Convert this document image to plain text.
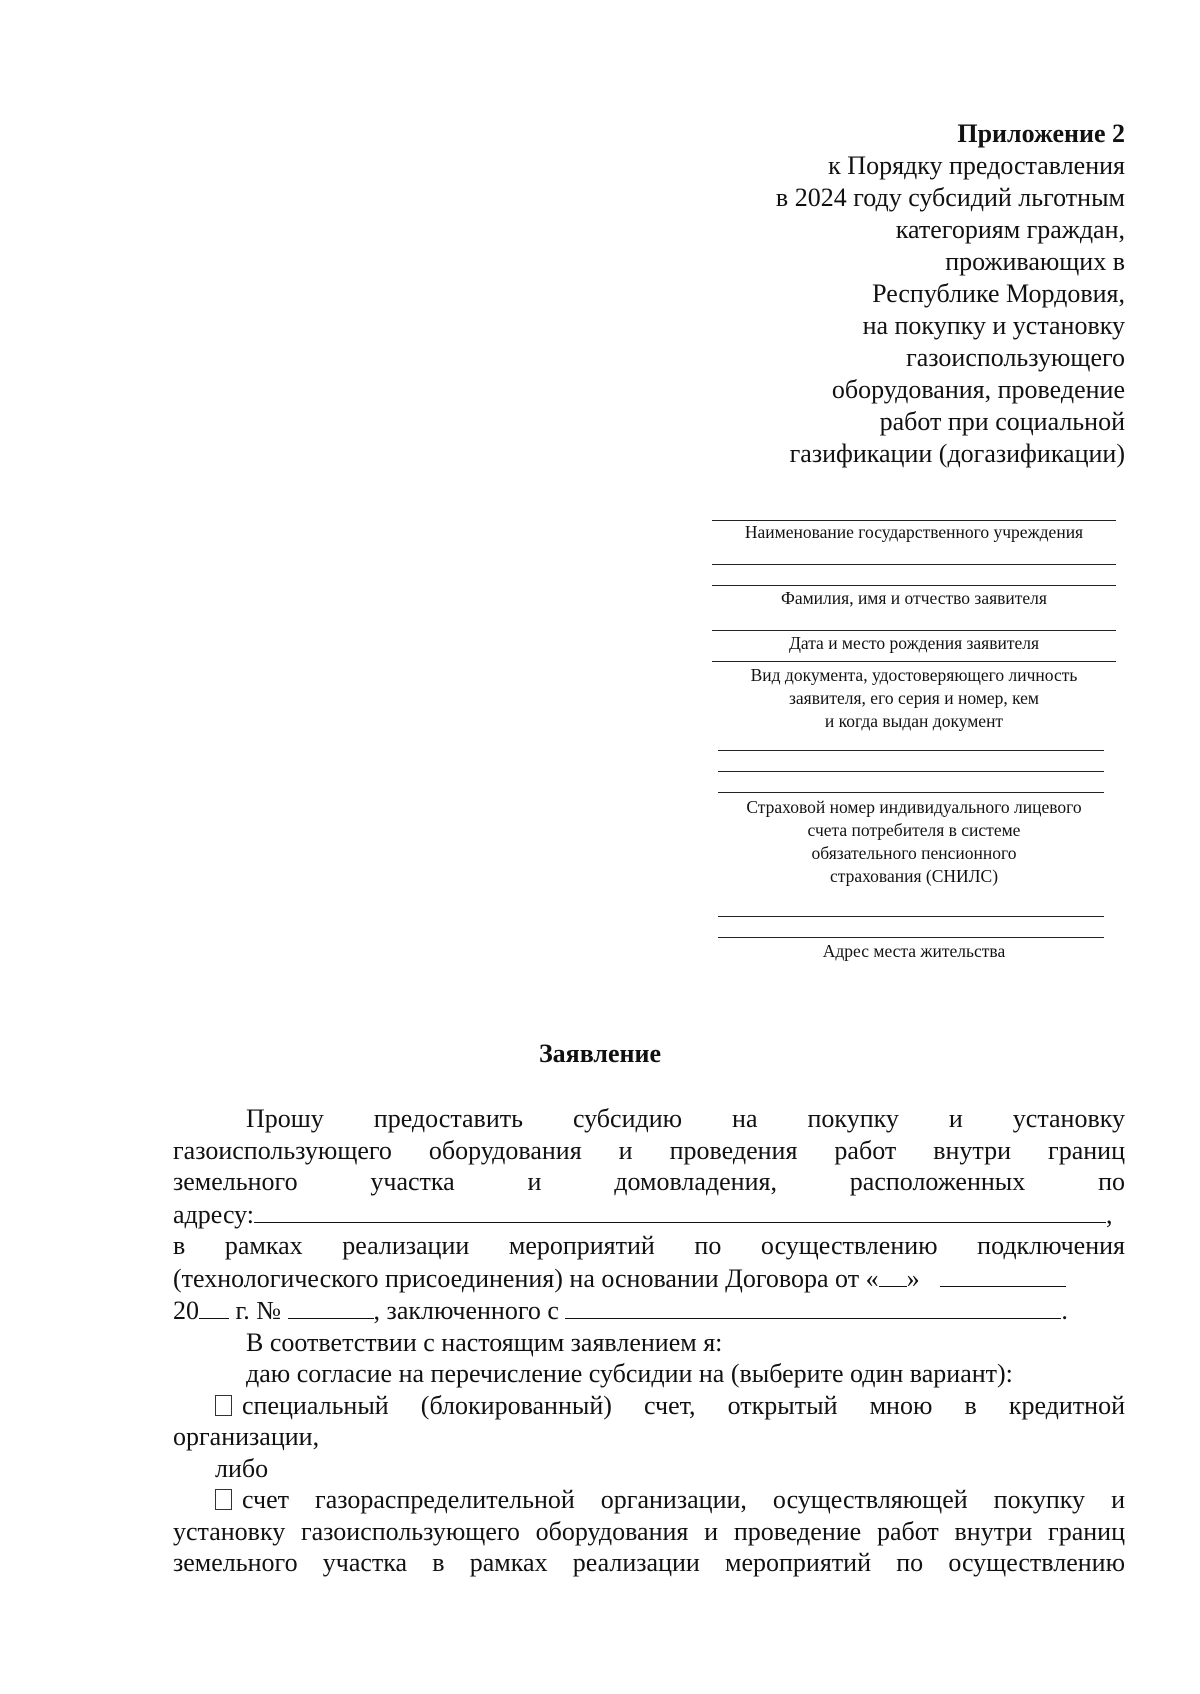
Приложение 2
к Порядку предоставления
в 2024 году субсидий льготным
категориям граждан,
проживающих в
Республике Мордовия,
на покупку и установку
газоиспользующего
оборудования, проведение
работ при социальной
газификации (догазификации)
Наименование государственного учреждения
Фамилия, имя и отчество заявителя
Дата и место рождения заявителя
Вид документа, удостоверяющего личность
заявителя, его серия и номер, кем
и когда выдан документ
Страховой номер индивидуального лицевого
счета потребителя в системе
обязательного пенсионного
страхования (СНИЛС)
Адрес места жительства
Заявление
Прошу предоставить субсидию на покупку и установку
газоиспользующего оборудования и проведения работ внутри границ
земельного участка и домовладения, расположенных по
адресу:	,
в рамках реализации мероприятий по осуществлению подключения
(технологического присоединения) на основании Договора от « »
20 г. №	, заключенного с	.
В соответствии с настоящим заявлением я:
даю согласие на перечисление субсидии на (выберите один вариант):
специальный (блокированный) счет, открытый мною в кредитной
организации,
либо
счет газораспределительной организации, осуществляющей покупку и
установку газоиспользующего оборудования и проведение работ внутри границ
земельного участка в рамках реализации мероприятий по осуществлению
